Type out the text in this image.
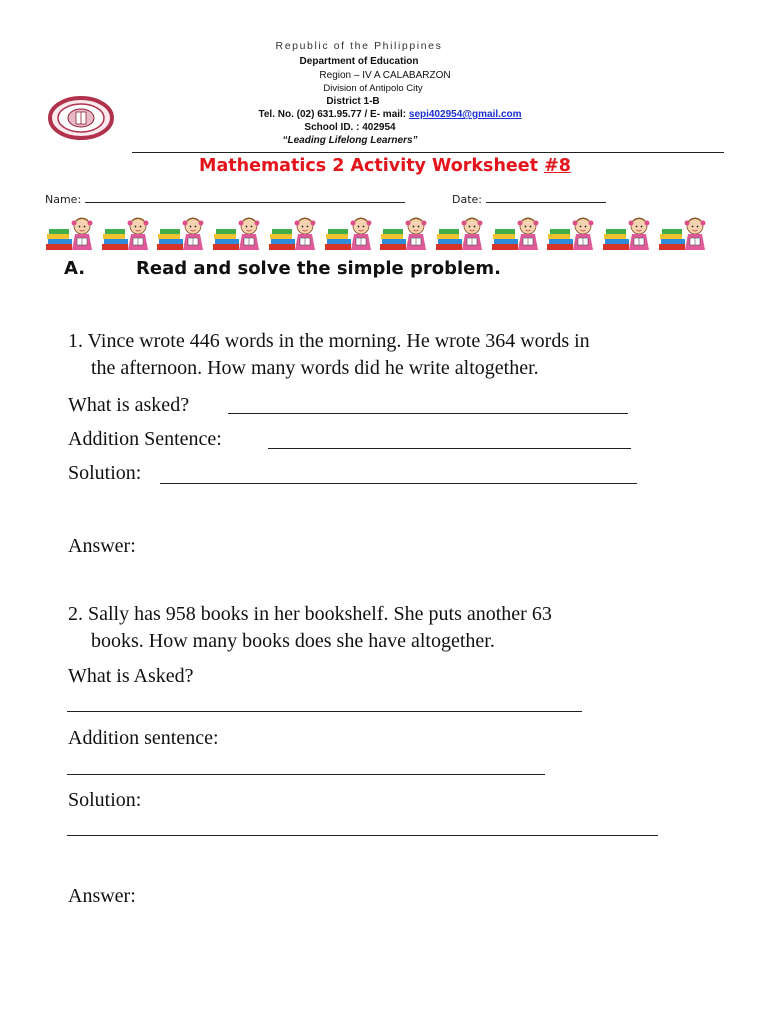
Republic of the Philippines
Department of Education
Region – IV A CALABARZON
Division of Antipolo City
District 1-B
Tel. No. (02) 631.95.77 / E- mail: sepi402954@gmail.com
School ID. : 402954
“Leading Lifelong Learners”
Mathematics 2 Activity Worksheet #8
Name:	Date:
A.	Read and solve the simple problem.
1. Vince wrote 446 words in the morning. He wrote 364 words in
the afternoon. How many words did he write altogether.
What is asked?
Addition Sentence:
Solution:
Answer:
2. Sally has 958 books in her bookshelf. She puts another 63
books. How many books does she have altogether.
What is Asked?
Addition sentence:
Solution:
Answer:
